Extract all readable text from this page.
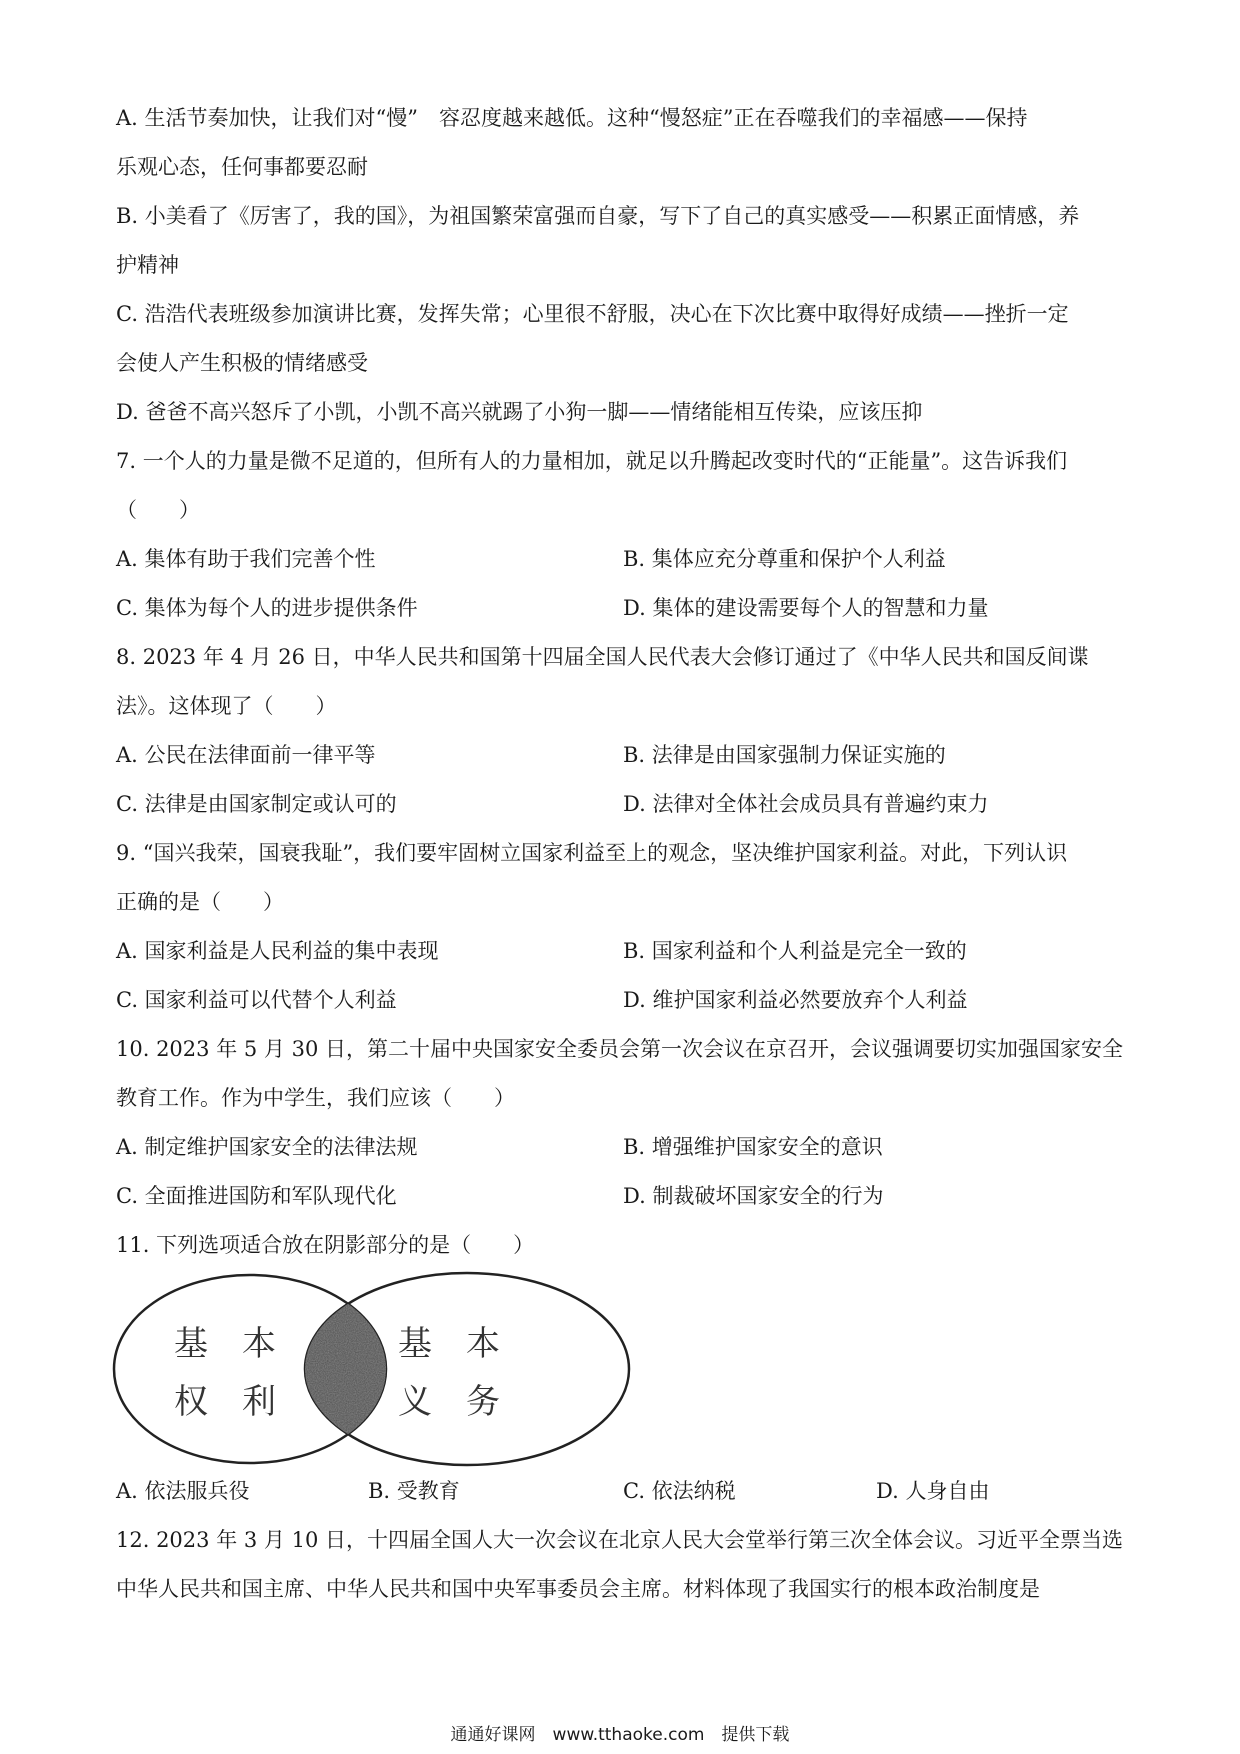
A. 生活节奏加快，让我们对“慢”　容忍度越来越低。这种“慢怒症”正在吞噬我们的幸福感——保持
乐观心态，任何事都要忍耐
B. 小美看了《厉害了，我的国》，为祖国繁荣富强而自豪，写下了自己的真实感受——积累正面情感，养
护精神
C. 浩浩代表班级参加演讲比赛，发挥失常；心里很不舒服，决心在下次比赛中取得好成绩——挫折一定
会使人产生积极的情绪感受
D. 爸爸不高兴怒斥了小凯，小凯不高兴就踢了小狗一脚——情绪能相互传染，应该压抑
7. 一个人的力量是微不足道的，但所有人的力量相加，就足以升腾起改变时代的“正能量”。这告诉我们
（　　）
A. 集体有助于我们完善个性	B. 集体应充分尊重和保护个人利益
C. 集体为每个人的进步提供条件	D. 集体的建设需要每个人的智慧和力量
8. 2023 年 4 月 26 日，中华人民共和国第十四届全国人民代表大会修订通过了《中华人民共和国反间谍
法》。这体现了（　　）
A. 公民在法律面前一律平等	B. 法律是由国家强制力保证实施的
C. 法律是由国家制定或认可的	D. 法律对全体社会成员具有普遍约束力
9. “国兴我荣，国衰我耻”，我们要牢固树立国家利益至上的观念，坚决维护国家利益。对此，下列认识
正确的是（　　）
A. 国家利益是人民利益的集中表现	B. 国家利益和个人利益是完全一致的
C. 国家利益可以代替个人利益	D. 维护国家利益必然要放弃个人利益
10. 2023 年 5 月 30 日，第二十届中央国家安全委员会第一次会议在京召开，会议强调要切实加强国家安全
教育工作。作为中学生，我们应该（　　）
A. 制定维护国家安全的法律法规	B. 增强维护国家安全的意识
C. 全面推进国防和军队现代化	D. 制裁破坏国家安全的行为
11. 下列选项适合放在阴影部分的是（　　）
基　本
权　利
基　本
义　务
A. 依法服兵役	B. 受教育	C. 依法纳税	D. 人身自由
12. 2023 年 3 月 10 日，十四届全国人大一次会议在北京人民大会堂举行第三次全体会议。习近平全票当选
中华人民共和国主席、中华人民共和国中央军事委员会主席。材料体现了我国实行的根本政治制度是
通通好课网　www.tthaoke.com　提供下载
